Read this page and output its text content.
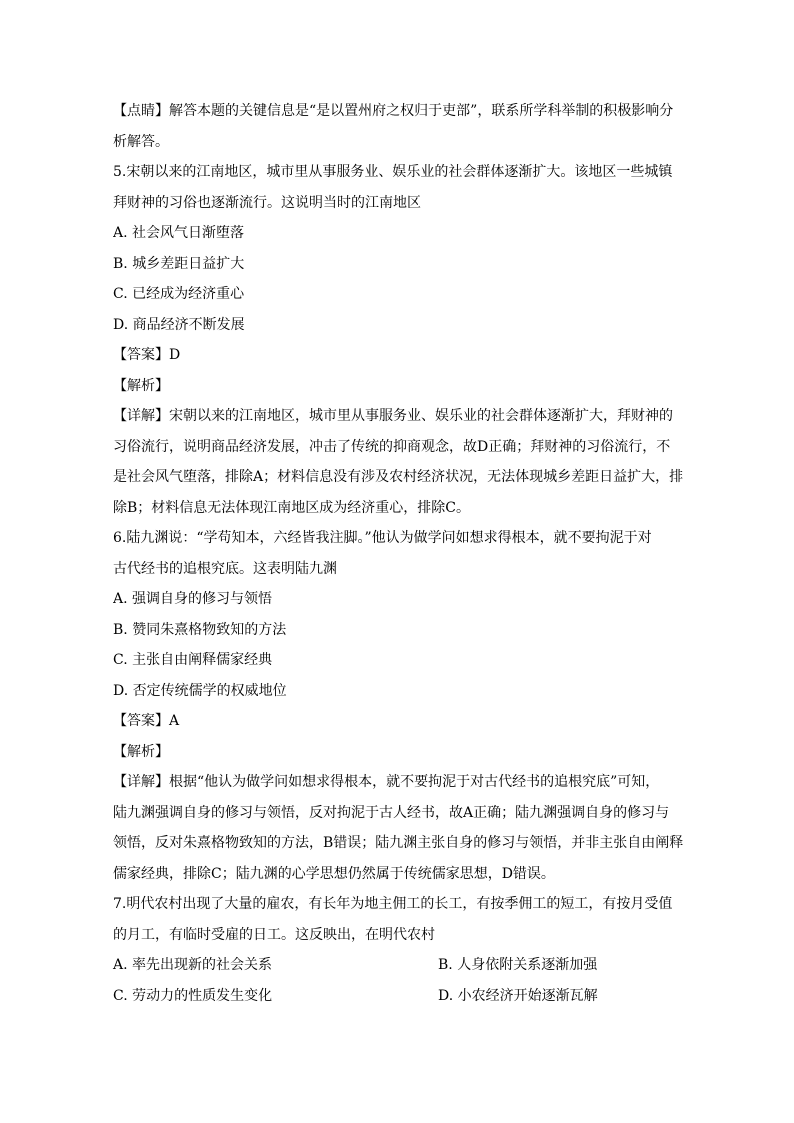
【点睛】解答本题的关键信息是“是以置州府之权归于吏部”，联系所学科举制的积极影响分
析解答。
5.宋朝以来的江南地区，城市里从事服务业、娱乐业的社会群体逐渐扩大。该地区一些城镇
拜财神的习俗也逐渐流行。这说明当时的江南地区
A. 社会风气日渐堕落
B. 城乡差距日益扩大
C. 已经成为经济重心
D. 商品经济不断发展
【答案】D
【解析】
【详解】宋朝以来的江南地区，城市里从事服务业、娱乐业的社会群体逐渐扩大，拜财神的
习俗流行，说明商品经济发展，冲击了传统的抑商观念，故D正确；拜财神的习俗流行，不
是社会风气堕落，排除A；材料信息没有涉及农村经济状况，无法体现城乡差距日益扩大，排
除B；材料信息无法体现江南地区成为经济重心，排除C。
6.陆九渊说：“学苟知本，六经皆我注脚。”他认为做学问如想求得根本，就不要拘泥于对
古代经书的追根究底。这表明陆九渊
A. 强调自身的修习与领悟
B. 赞同朱熹格物致知的方法
C. 主张自由阐释儒家经典
D. 否定传统儒学的权威地位
【答案】A
【解析】
【详解】根据“他认为做学问如想求得根本，就不要拘泥于对古代经书的追根究底”可知，
陆九渊强调自身的修习与领悟，反对拘泥于古人经书，故A正确；陆九渊强调自身的修习与
领悟，反对朱熹格物致知的方法，B错误；陆九渊主张自身的修习与领悟，并非主张自由阐释
儒家经典，排除C；陆九渊的心学思想仍然属于传统儒家思想，D错误。
7.明代农村出现了大量的雇农，有长年为地主佣工的长工，有按季佣工的短工，有按月受值
的月工，有临时受雇的日工。这反映出，在明代农村
A. 率先出现新的社会关系	B. 人身依附关系逐渐加强
C. 劳动力的性质发生变化	D. 小农经济开始逐渐瓦解
